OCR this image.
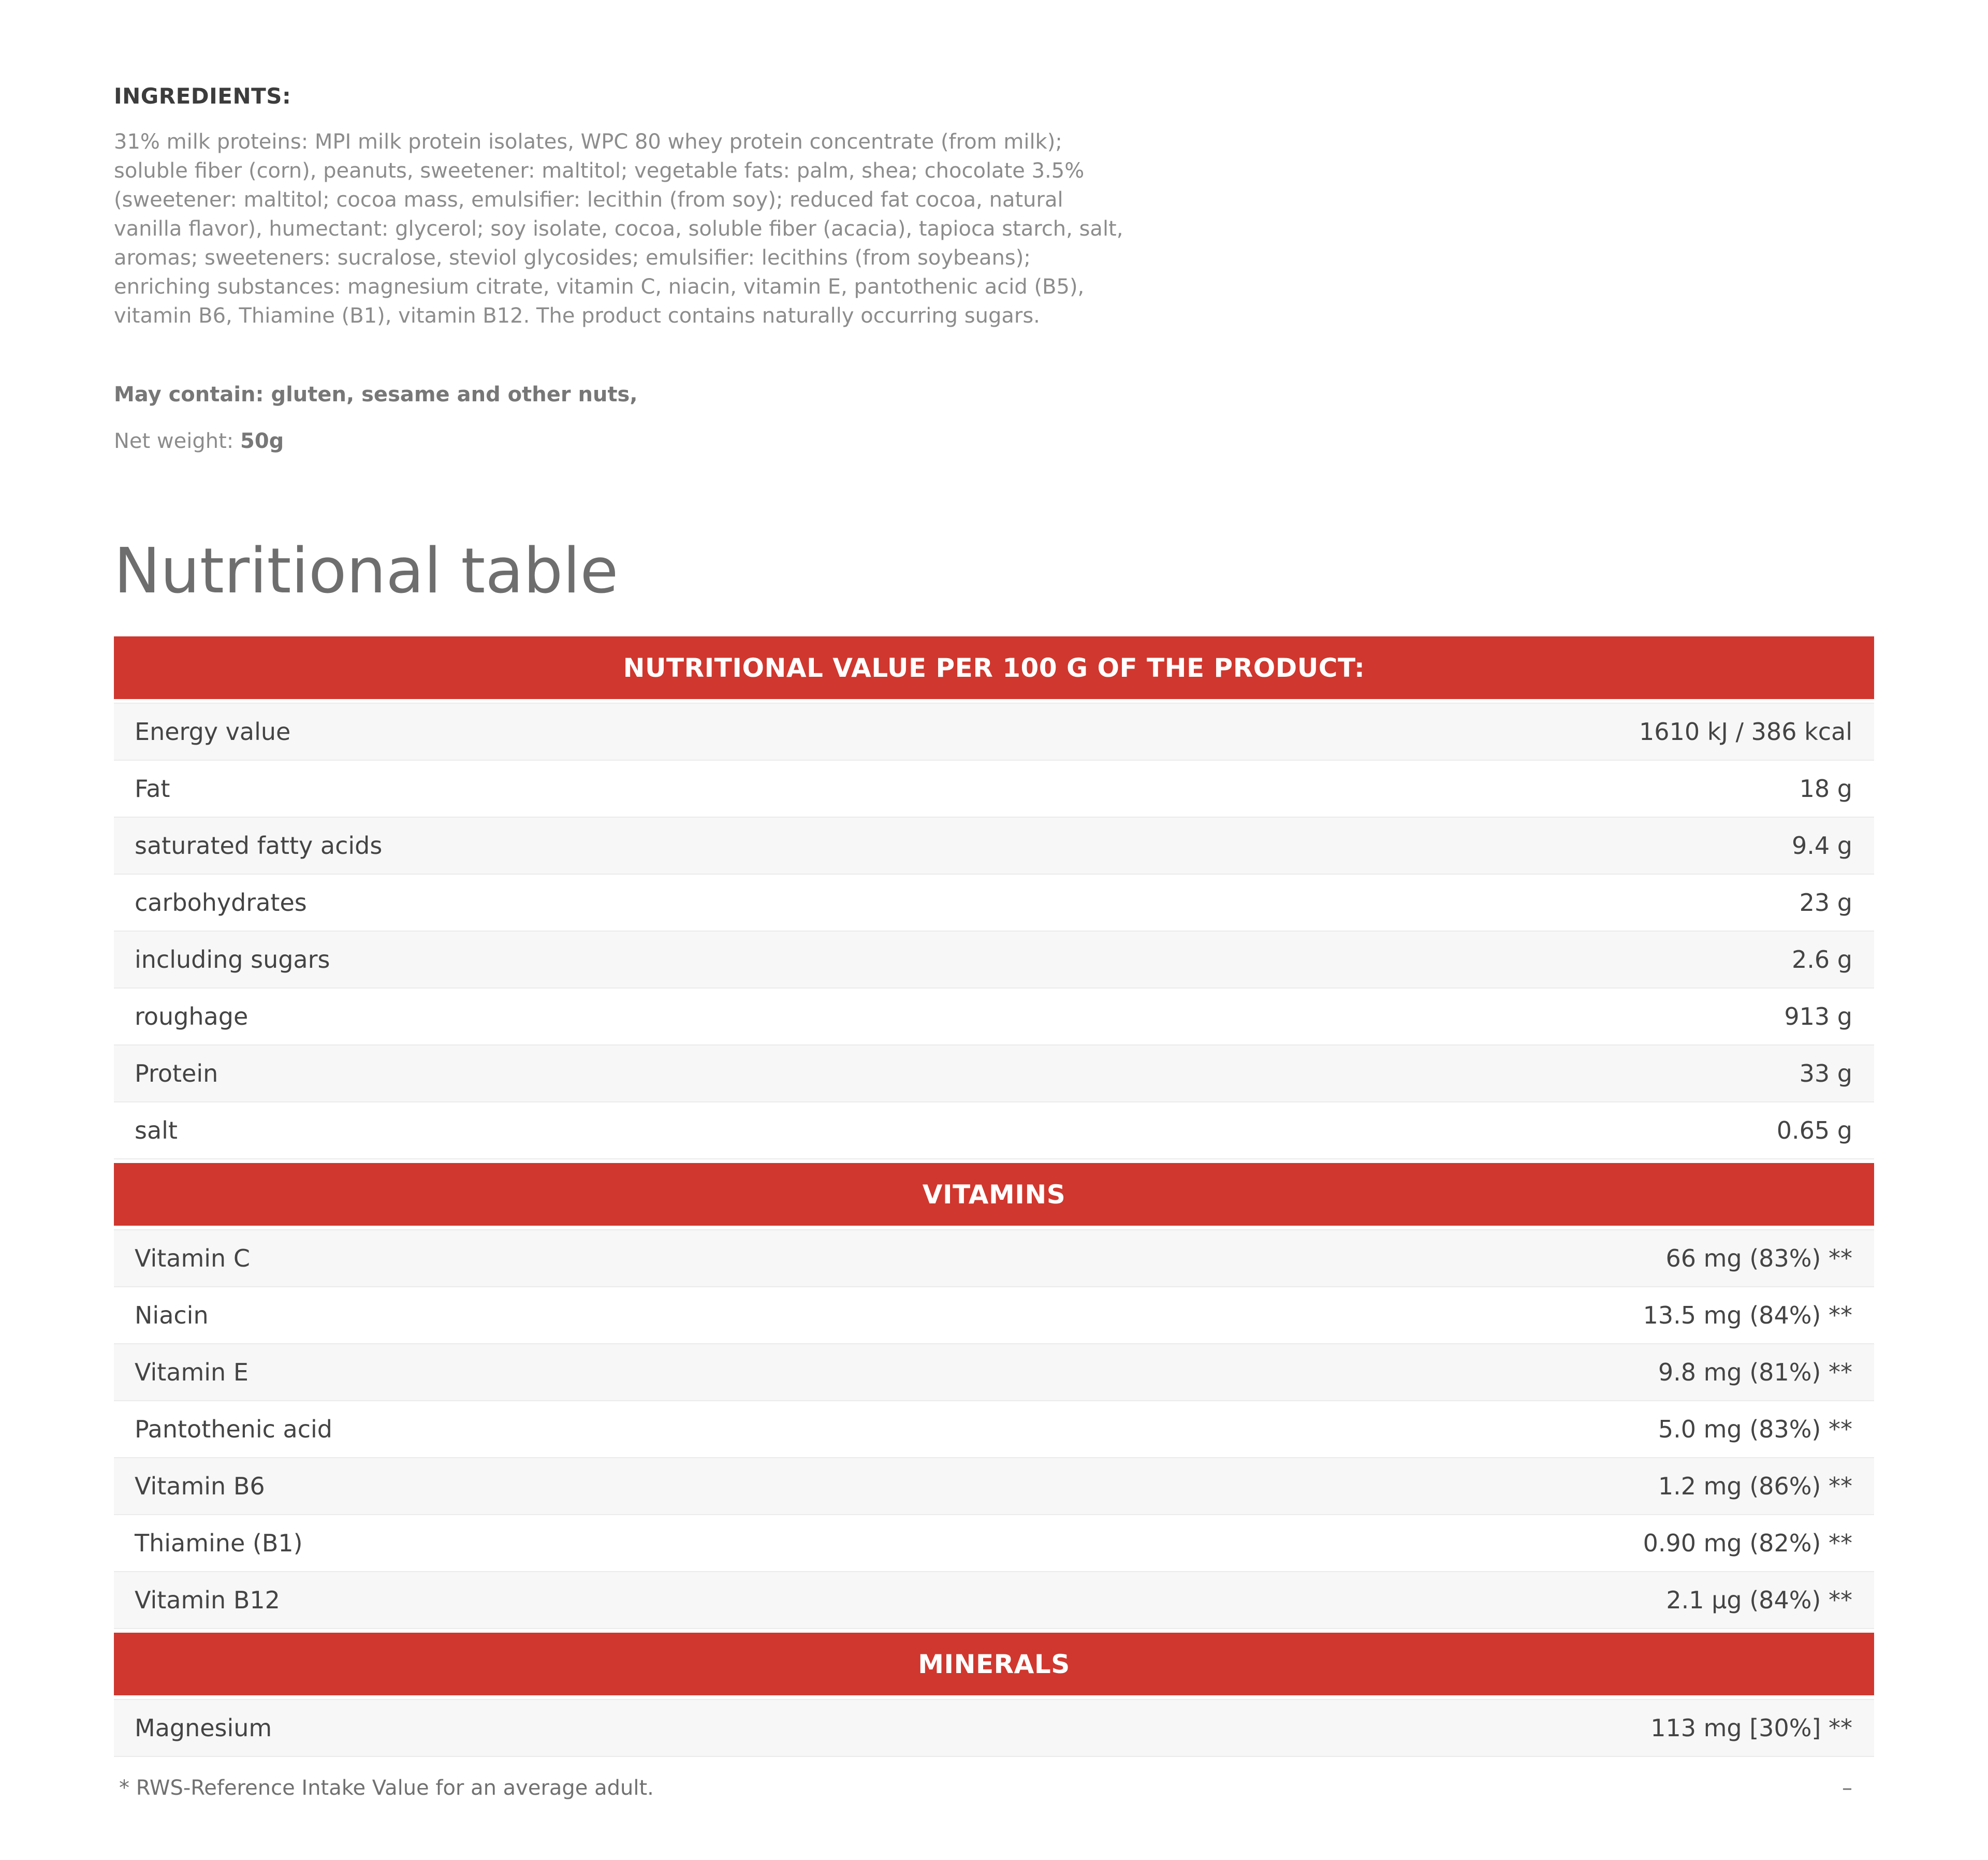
INGREDIENTS:

31% milk proteins: MPI milk protein isolates, WPC 80 whey protein concentrate (from milk); soluble fiber (corn), peanuts, sweetener: maltitol; vegetable fats: palm, shea; chocolate 3.5% (sweetener: maltitol; cocoa mass, emulsifier: lecithin (from soy); reduced fat cocoa, natural vanilla flavor), humectant: glycerol; soy isolate, cocoa, soluble fiber (acacia), tapioca starch, salt, aromas; sweeteners: sucralose, steviol glycosides; emulsifier: lecithins (from soybeans); enriching substances: magnesium citrate, vitamin C, niacin, vitamin E, pantothenic acid (B5), vitamin B6, Thiamine (B1), vitamin B12. The product contains naturally occurring sugars.

May contain: gluten, sesame and other nuts,

Net weight: 50g

Nutritional table
NUTRITIONAL VALUE PER 100 G OF THE PRODUCT:
Energy value	1610 kJ / 386 kcal
Fat	18 g
saturated fatty acids	9.4 g
carbohydrates	23 g
including sugars	2.6 g
roughage	913 g
Protein	33 g
salt	0.65 g
VITAMINS
Vitamin C	66 mg (83%) **
Niacin	13.5 mg (84%) **
Vitamin E	9.8 mg (81%) **
Pantothenic acid	5.0 mg (83%) **
Vitamin B6	1.2 mg (86%) **
Thiamine (B1)	0.90 mg (82%) **
Vitamin B12	2.1 µg (84%) **
MINERALS
Magnesium	113 mg [30%] **
* RWS-Reference Intake Value for an average adult.	–
